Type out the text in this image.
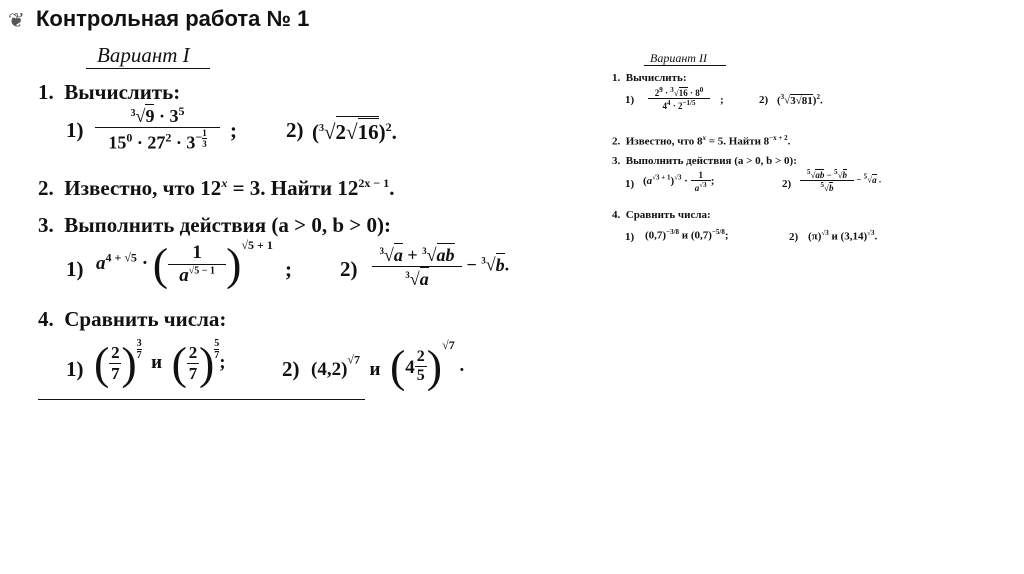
❦ Контрольная работа № 1
Вариант I
1. Вычислить:
1) $^3√9 \cdot 3^5$
$15^0 \cdot 27^2 \cdot 3^{- \frac{1}{3}}$ ; 2) $(^3√2√16)^2$.
2. Известно, что $12^x = 3$. Найти $12^{2x - 1}$.
3. Выполнить действия (a > 0, b > 0):
1) $a^{4 + √5}$ · ( $\frac{1}{a^{√5 - 1}} )^{√5 + 1}$
; $2) \frac{^3√a + ^3√ab}{^3√a} - ^3√b$.
4. Сравнить числа:
1) ( $\frac{2}{7}$ ) $\frac{3}{7}$
и ( $\frac{2}{7}$ ) $\frac{5}{7}$
;	2) $(4,2)^{√7}$ и $(4 \frac{2}{5} )^{√7}$ .
Вариант II
1. Вычислить:
$1) \frac{2^9 \cdot ^3√16 \cdot 8^0}{4^4 \cdot 2^{-1/5}}$ ;	2) $(^3√3√81)^2$.
2. Известно, что $8^x = 5$. Найти $8^{-x + 2}$.
3. Выполнить действия (a > 0, b > 0):
1) $(a^{√3 + 1})^{√3} \cdot \frac{1}{a^{√3}}$ ;	$2) \frac{^5√ab - ^5√b}{^5√b} - ^5√a$ .
4. Сравнить числа:
1) $(0,7)^{-3/8}$ и $(0,7)^{-5/8}$;	2) $(\pi)^{√3}$ и $(3,14)^{√3}$.
